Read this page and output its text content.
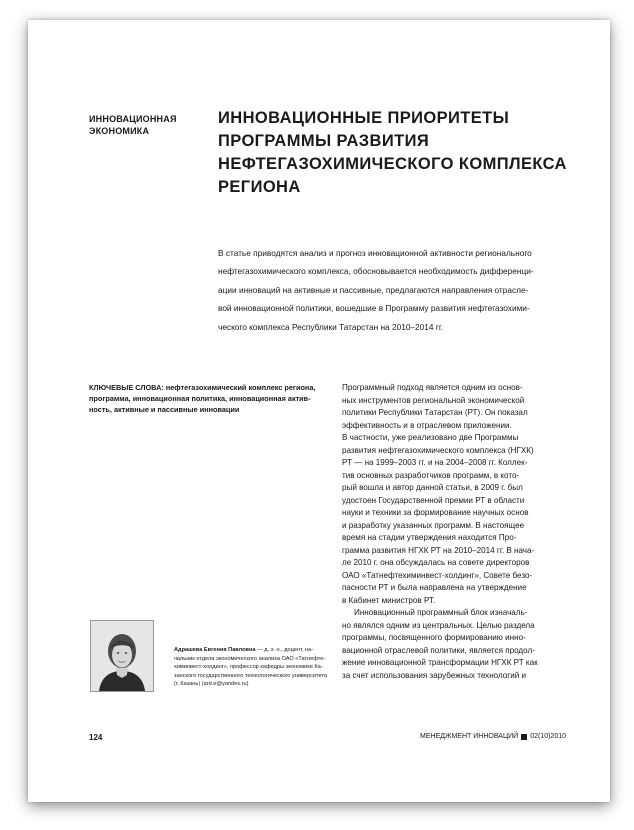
ИННОВАЦИОННАЯ
ЭКОНОМИКА
ИННОВАЦИОННЫЕ ПРИОРИТЕТЫ
ПРОГРАММЫ РАЗВИТИЯ
НЕФТЕГАЗОХИМИЧЕСКОГО КОМПЛЕКСА
РЕГИОНА
В статье приводятся анализ и прогноз инновационной активности регионального
нефтегазохимического комплекса, обосновывается необходимость дифференци-
ации инноваций на активные и пассивные, предлагаются направления отрасле-
вой инновационной политики, вошедшие в Программу развития нефтегазохими-
ческого комплекса Республики Татарстан на 2010–2014 гг.
КЛЮЧЕВЫЕ СЛОВА: нефтегазохимический комплекс региона,
программа, инновационная политика, инновационная актив-
ность, активные и пассивные инновации
Программный подход является одним из основ-
ных инструментов региональной экономической
политики Республики Татарстан (РТ). Он показал
эффективность и в отраслевом приложении.
В частности, уже реализовано две Программы
развития нефтегазохимического комплекса (НГХК)
РТ — на 1999–2003 гг. и на 2004–2008 гг. Коллек-
тив основных разработчиков программ, в кото-
рый вошла и автор данной статьи, в 2009 г. был
удостоен Государственной премии РТ в области
науки и техники за формирование научных основ
и разработку указанных программ. В настоящее
время на стадии утверждения находится Про-
грамма развития НГХК РТ на 2010–2014 гг. В нача-
ле 2010 г. она обсуждалась на совете директоров
ОАО «Татнефтехиминвест-холдинг», Совете безо-
пасности РТ и была направлена на утверждение
в Кабинет министров РТ.
Инновационный программный блок изначаль-
но являлся одним из центральных. Целью раздела
программы, посвященного формированию инно-
вационной отраслевой политики, является продол-
жение инновационной трансформации НГХК РТ как
за счет использования зарубежных технологий и
Адрашева Евгения Павловна — д. э. н., доцент, на-
чальник отдела экономического анализа ОАО «Татнефте-
химинвест-холдинг», профессор кафедры экономики Ка-
занского государственного технологического университета
(г. Казань) (ard.e@yandex.ru)
124	МЕНЕДЖМЕНТ ИННОВАЦИЙ 02(10)2010
